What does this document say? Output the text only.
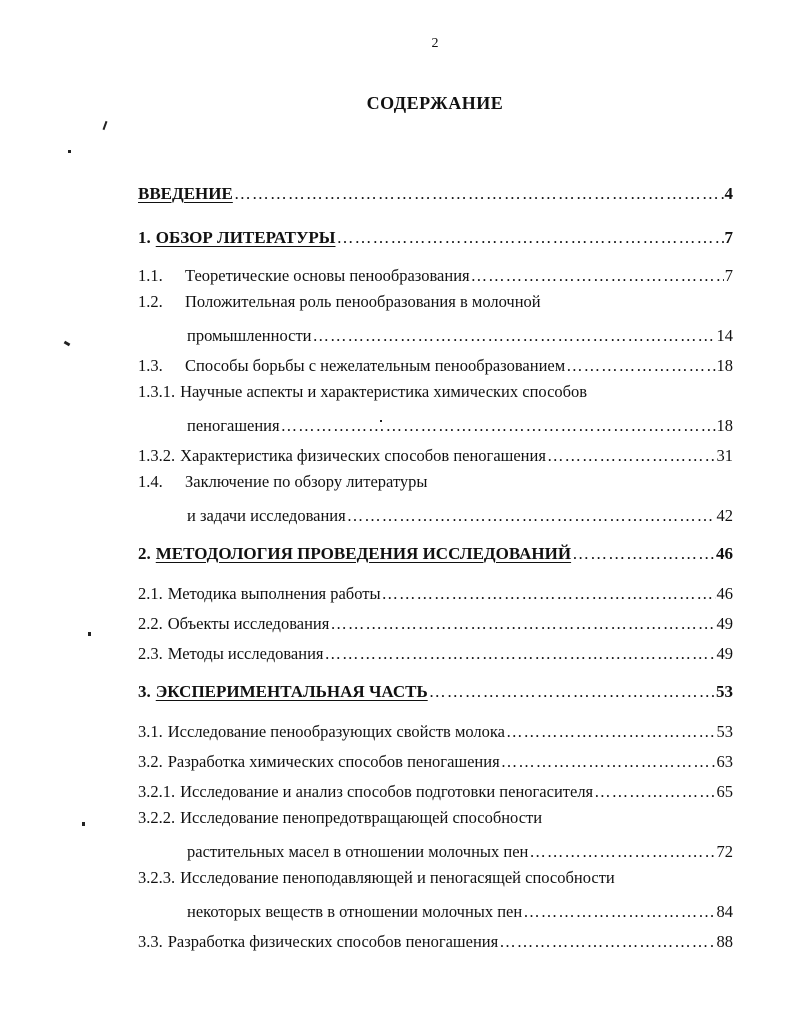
2
СОДЕРЖАНИЕ
ВВЕДЕНИЕ ………………………………………………………………………………………………………………………………………………………………………………………	4
1. ОБЗОР ЛИТЕРАТУРЫ ………………………………………………………………………………………………………………………………………………………………………………………	7
1.1.	Теоретические основы пенообразования ………………………………………………………………………………………………………………………………………………………………………………………	7
1.2. Положительная роль пенообразования в молочной
промышленности ………………………………………………………………………………………………………………………………………………………………………………………	14
1.3.	Способы борьбы с нежелательным пенообразованием ………………………………………………………………………………………………………………………………………………………………………………………	18
1.3.1. Научные аспекты и характеристика химических способов
пеногашения ………………………………………………………………………………………………………………………………………………………………………………………	18
1.3.2. Характеристика физических способов пеногашения ………………………………………………………………………………………………………………………………………………………………………………………	31
1.4. Заключение по обзору литературы
и задачи исследования ………………………………………………………………………………………………………………………………………………………………………………………	42
2. МЕТОДОЛОГИЯ ПРОВЕДЕНИЯ ИССЛЕДОВАНИЙ ………………………………………………………………………………………………………………………………………………………………………………………	46
2.1. Методика выполнения работы ………………………………………………………………………………………………………………………………………………………………………………………	46
2.2. Объекты исследования ………………………………………………………………………………………………………………………………………………………………………………………	49
2.3. Методы исследования ………………………………………………………………………………………………………………………………………………………………………………………	49
3. ЭКСПЕРИМЕНТАЛЬНАЯ ЧАСТЬ ………………………………………………………………………………………………………………………………………………………………………………………	53
3.1. Исследование пенообразующих свойств молока ………………………………………………………………………………………………………………………………………………………………………………………	53
3.2. Разработка химических способов пеногашения ………………………………………………………………………………………………………………………………………………………………………………………	63
3.2.1. Исследование и анализ способов подготовки пеногасителя ………………………………………………………………………………………………………………………………………………………………………………………	65
3.2.2. Исследование пенопредотвращающей способности
растительных масел в отношении молочных пен ………………………………………………………………………………………………………………………………………………………………………………………	72
3.2.3. Исследование пеноподавляющей и пеногасящей способности
некоторых веществ в отношении молочных пен ………………………………………………………………………………………………………………………………………………………………………………………	84
3.3. Разработка физических способов пеногашения ………………………………………………………………………………………………………………………………………………………………………………………	88
